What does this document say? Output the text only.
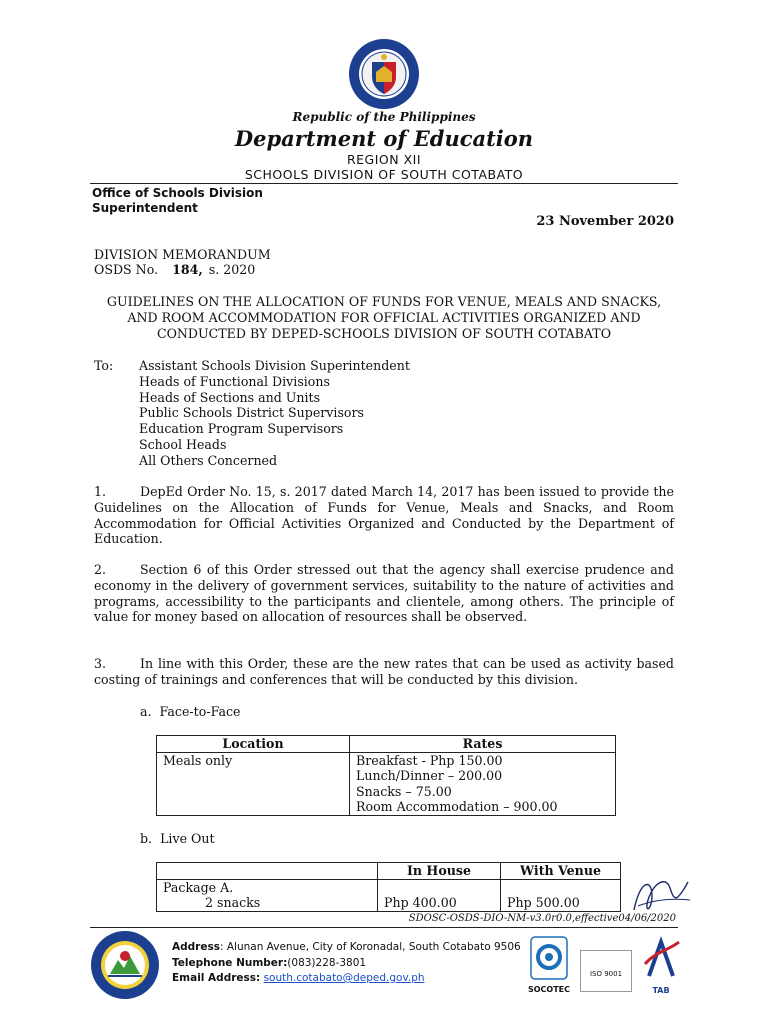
Republic of the Philippines
Department of Education
REGION XII
SCHOOLS DIVISION OF SOUTH COTABATO
Office of Schools Division
Superintendent
23 November 2020
DIVISION MEMORANDUM
OSDS No. 184, s. 2020
GUIDELINES ON THE ALLOCATION OF FUNDS FOR VENUE, MEALS AND SNACKS, AND ROOM ACCOMMODATION FOR OFFICIAL ACTIVITIES ORGANIZED AND CONDUCTED BY DEPED-SCHOOLS DIVISION OF SOUTH COTABATO
To: Assistant Schools Division Superintendent
Heads of Functional Divisions
Heads of Sections and Units
Public Schools District Supervisors
Education Program Supervisors
School Heads
All Others Concerned

1.	DepEd Order No. 15, s. 2017 dated March 14, 2017 has been issued to provide the Guidelines on the Allocation of Funds for Venue, Meals and Snacks, and Room Accommodation for Official Activities Organized and Conducted by the Department of Education.

2.	Section 6 of this Order stressed out that the agency shall exercise prudence and economy in the delivery of government services, suitability to the nature of activities and programs, accessibility to the participants and clientele, among others. The principle of value for money based on allocation of resources shall be observed.

3.	In line with this Order, these are the new rates that can be used as activity based costing of trainings and conferences that will be conducted by this division.

a.  Face-to-Face
Location	Rates
Meals only	Breakfast - Php 150.00
Lunch/Dinner – 200.00
Snacks – 75.00
Room Accommodation – 900.00
b.  Live Out
	In House	With Venue

Package A.
2 snacks	Php 400.00	Php 500.00
SDOSC-OSDS-DIO-NM-v3.0r0.0,effective04/06/2020
Address: Alunan Avenue, City of Koronadal, South Cotabato 9506
Telephone Number:(083)228-3801
Email Address: south.cotabato@deped.gov.ph
SOCOTEC
ISO 9001
TAB
